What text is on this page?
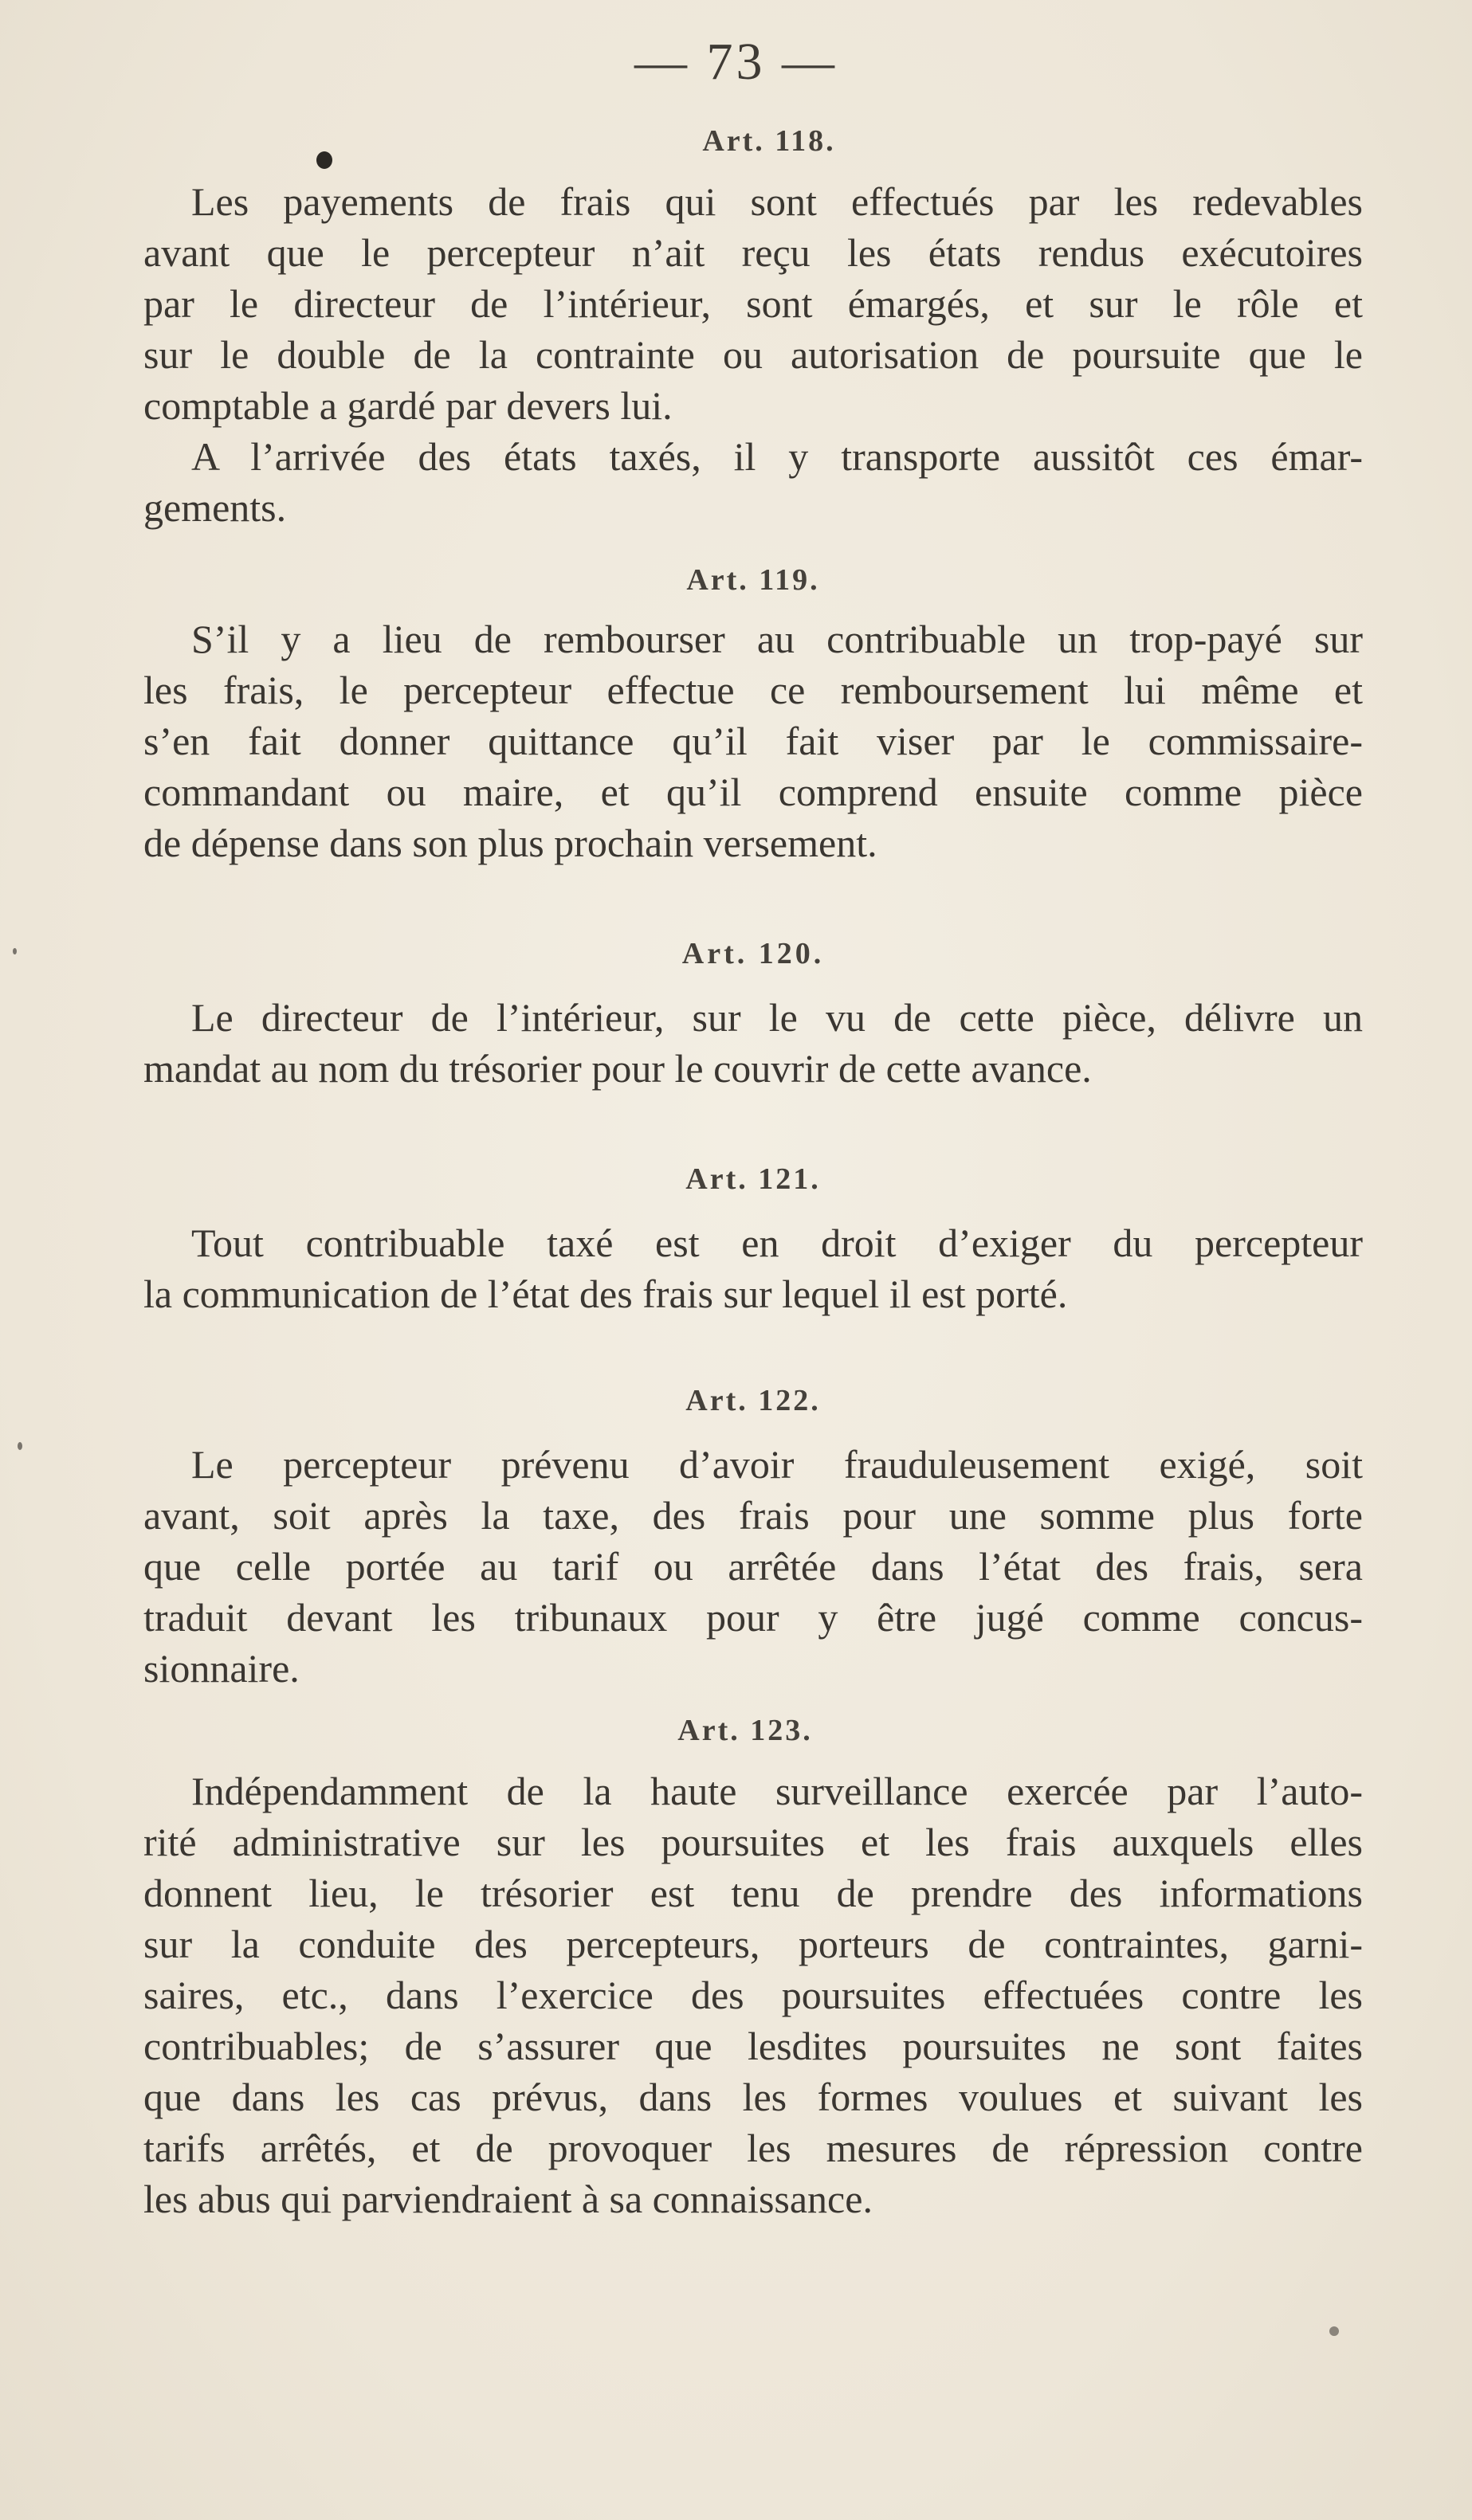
— 73 —
Art. 118.

Les payements de frais qui sont effectués par les redevables
avant que le percepteur n’ait reçu les états rendus exécutoires
par le directeur de l’intérieur, sont émargés, et sur le rôle et
sur le double de la contrainte ou autorisation de poursuite que le
comptable a gardé par devers lui.

A l’arrivée des états taxés, il y transporte aussitôt ces émar-
gements.

Art. 119.

S’il y a lieu de rembourser au contribuable un trop-payé sur
les frais, le percepteur effectue ce remboursement lui même et
s’en fait donner quittance qu’il fait viser par le commissaire-
commandant ou maire, et qu’il comprend ensuite comme pièce
de dépense dans son plus prochain versement.

Art. 120.

Le directeur de l’intérieur, sur le vu de cette pièce, délivre un
mandat au nom du trésorier pour le couvrir de cette avance.

Art. 121.

Tout contribuable taxé est en droit d’exiger du percepteur
la communication de l’état des frais sur lequel il est porté.

Art. 122.

Le percepteur prévenu d’avoir frauduleusement exigé, soit
avant, soit après la taxe, des frais pour une somme plus forte
que celle portée au tarif ou arrêtée dans l’état des frais, sera
traduit devant les tribunaux pour y être jugé comme concus-
sionnaire.

Art. 123.

Indépendamment de la haute surveillance exercée par l’auto-
rité administrative sur les poursuites et les frais auxquels elles
donnent lieu, le trésorier est tenu de prendre des informations
sur la conduite des percepteurs, porteurs de contraintes, garni-
saires, etc., dans l’exercice des poursuites effectuées contre les
contribuables; de s’assurer que lesdites poursuites ne sont faites
que dans les cas prévus, dans les formes voulues et suivant les
tarifs arrêtés, et de provoquer les mesures de répression contre
les abus qui parviendraient à sa connaissance.
